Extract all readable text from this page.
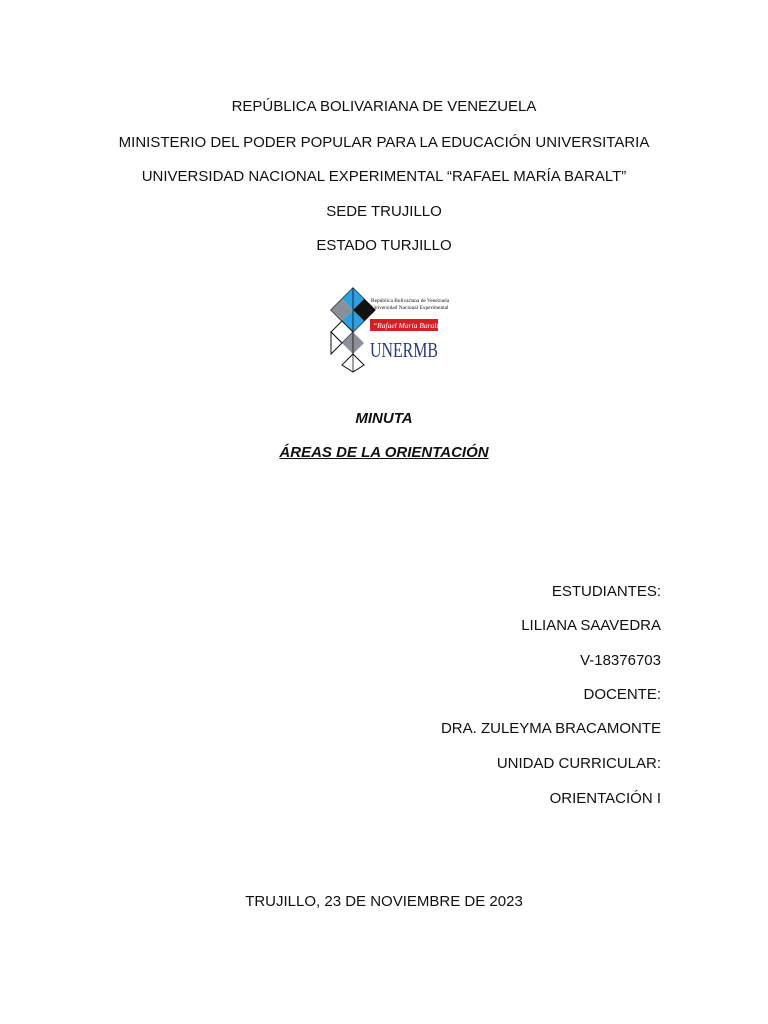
REPÚBLICA BOLIVARIANA DE VENEZUELA
MINISTERIO DEL PODER POPULAR PARA LA EDUCACIÓN UNIVERSITARIA
UNIVERSIDAD NACIONAL EXPERIMENTAL “RAFAEL MARÍA BARALT”
SEDE TRUJILLO
ESTADO TURJILLO
República Bolivariana de Venezuela
Universidad Nacional Experimental
“Rafael María Baralt”
UNERMB
MINUTA
ÁREAS DE LA ORIENTACIÓN
ESTUDIANTES:
LILIANA SAAVEDRA
V-18376703
DOCENTE:
DRA. ZULEYMA BRACAMONTE
UNIDAD CURRICULAR:
ORIENTACIÓN I
TRUJILLO, 23 DE NOVIEMBRE DE 2023
